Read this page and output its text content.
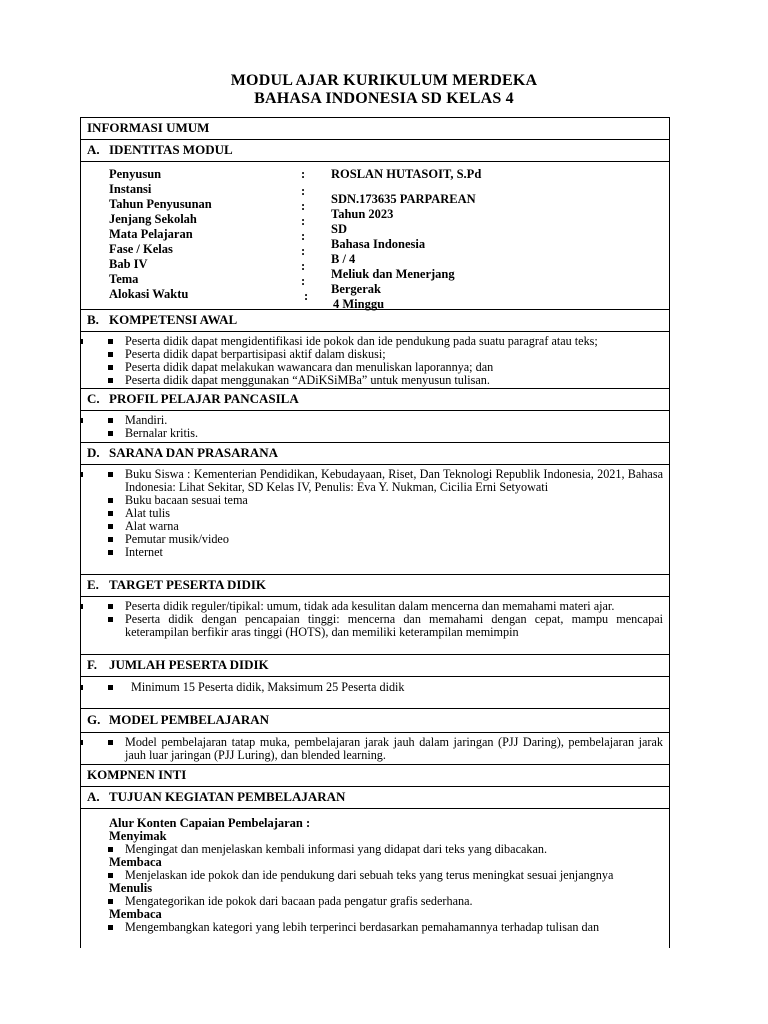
MODUL AJAR KURIKULUM MERDEKA
BAHASA INDONESIA SD KELAS 4
INFORMASI UMUM
A. IDENTITAS MODUL
Penyusun
Instansi
Tahun Penyusunan
Jenjang Sekolah
Mata Pelajaran
Fase / Kelas
Bab IV
Tema
Alokasi Waktu
:
:
:
:
:
:
:
:
:
ROSLAN HUTASOIT, S.Pd
SDN.173635 PARPAREAN
Tahun 2023
SD
Bahasa Indonesia
B / 4
Meliuk dan Menerjang
Bergerak
4 Minggu
B. KOMPETENSI AWAL
Peserta didik dapat mengidentifikasi ide pokok dan ide pendukung pada suatu paragraf atau teks;
Peserta didik dapat berpartisipasi aktif dalam diskusi;
Peserta didik dapat melakukan wawancara dan menuliskan laporannya; dan
Peserta didik dapat menggunakan “ADiKSiMBa” untuk menyusun tulisan.
C. PROFIL PELAJAR PANCASILA
Mandiri.
Bernalar kritis.
D. SARANA DAN PRASARANA
Buku Siswa : Kementerian Pendidikan, Kebudayaan, Riset, Dan Teknologi Republik Indonesia, 2021, Bahasa Indonesia: Lihat Sekitar, SD Kelas IV, Penulis: Eva Y. Nukman, Cicilia Erni Setyowati
Buku bacaan sesuai tema
Alat tulis
Alat warna
Pemutar musik/video
Internet
E. TARGET PESERTA DIDIK
Peserta didik reguler/tipikal: umum, tidak ada kesulitan dalam mencerna dan memahami materi ajar.
Peserta didik dengan pencapaian tinggi: mencerna dan memahami dengan cepat, mampu mencapai keterampilan berfikir aras tinggi (HOTS), dan memiliki keterampilan memimpin
F. JUMLAH PESERTA DIDIK
Minimum 15 Peserta didik, Maksimum 25 Peserta didik
G. MODEL PEMBELAJARAN
Model pembelajaran tatap muka, pembelajaran jarak jauh dalam jaringan (PJJ Daring), pembelajaran jarak jauh luar jaringan (PJJ Luring), dan blended learning.
KOMPNEN INTI
A. TUJUAN KEGIATAN PEMBELAJARAN
Alur Konten Capaian Pembelajaran :
Menyimak
Mengingat dan menjelaskan kembali informasi yang didapat dari teks yang dibacakan.
Membaca
Menjelaskan ide pokok dan ide pendukung dari sebuah teks yang terus meningkat sesuai jenjangnya
Menulis
Mengategorikan ide pokok dari bacaan pada pengatur grafis sederhana.
Membaca
Mengembangkan kategori yang lebih terperinci berdasarkan pemahamannya terhadap tulisan dan
